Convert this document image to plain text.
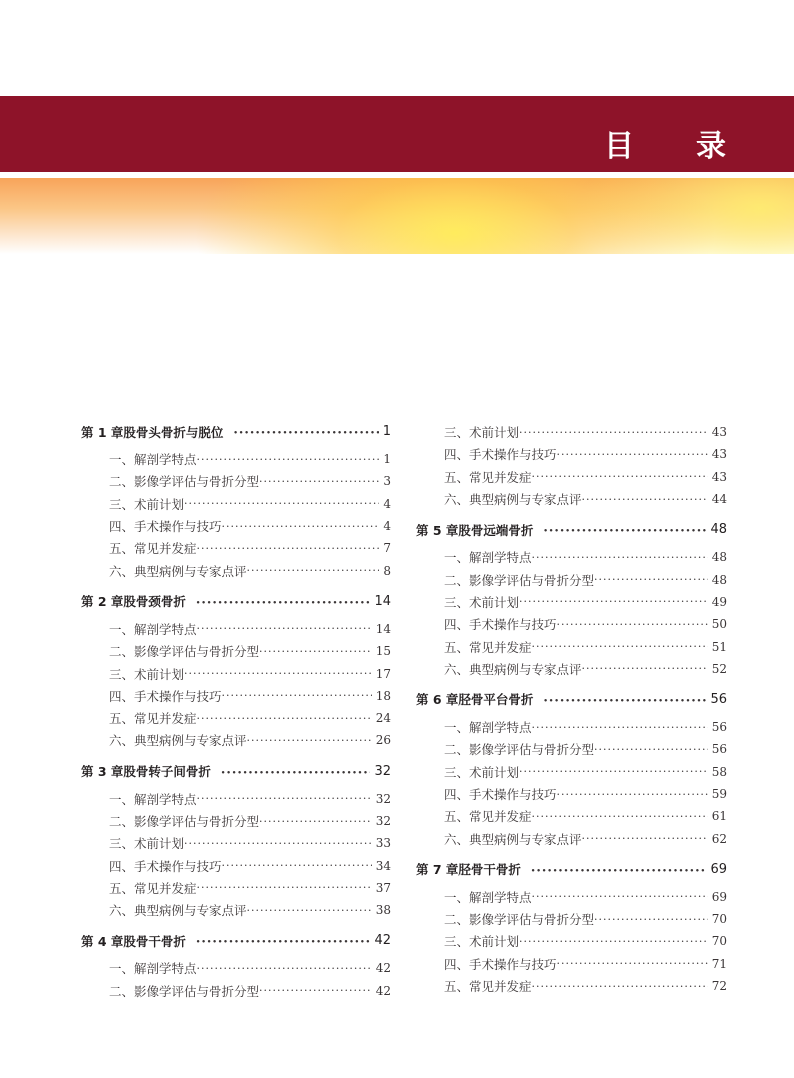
目录
第 1 章 股骨头骨折与脱位 •••••	1
一、 解剖学特点 ·····	1
二、 影像学评估与骨折分型 ·····	3
三、 术前计划 ·····	4
四、 手术操作与技巧 ·····	4
五、 常见并发症 ·····	7
六、 典型病例与专家点评 ·····	8
第 2 章 股骨颈骨折 •••••	14
一、 解剖学特点 ·····	14
二、 影像学评估与骨折分型 ·····	15
三、 术前计划 ·····	17
四、 手术操作与技巧 ·····	18
五、 常见并发症 ·····	24
六、 典型病例与专家点评 ·····	26
第 3 章 股骨转子间骨折 •••••	32
一、 解剖学特点 ·····	32
二、 影像学评估与骨折分型 ·····	32
三、 术前计划 ·····	33
四、 手术操作与技巧 ·····	34
五、 常见并发症 ·····	37
六、 典型病例与专家点评 ·····	38
第 4 章 股骨干骨折 •••••	42
一、 解剖学特点 ·····	42
二、 影像学评估与骨折分型 ·····	42
三、 术前计划 ·····	43
四、 手术操作与技巧 ·····	43
五、 常见并发症 ·····	43
六、 典型病例与专家点评 ·····	44
第 5 章 股骨远端骨折 •••••	48
一、 解剖学特点 ·····	48
二、 影像学评估与骨折分型 ·····	48
三、 术前计划 ·····	49
四、 手术操作与技巧 ·····	50
五、 常见并发症 ·····	51
六、 典型病例与专家点评 ·····	52
第 6 章 胫骨平台骨折 •••••	56
一、 解剖学特点 ·····	56
二、 影像学评估与骨折分型 ·····	56
三、 术前计划 ·····	58
四、 手术操作与技巧 ·····	59
五、 常见并发症 ·····	61
六、 典型病例与专家点评 ·····	62
第 7 章 胫骨干骨折 •••••	69
一、 解剖学特点 ·····	69
二、 影像学评估与骨折分型 ·····	70
三、 术前计划 ·····	70
四、 手术操作与技巧 ·····	71
五、 常见并发症 ·····	72
